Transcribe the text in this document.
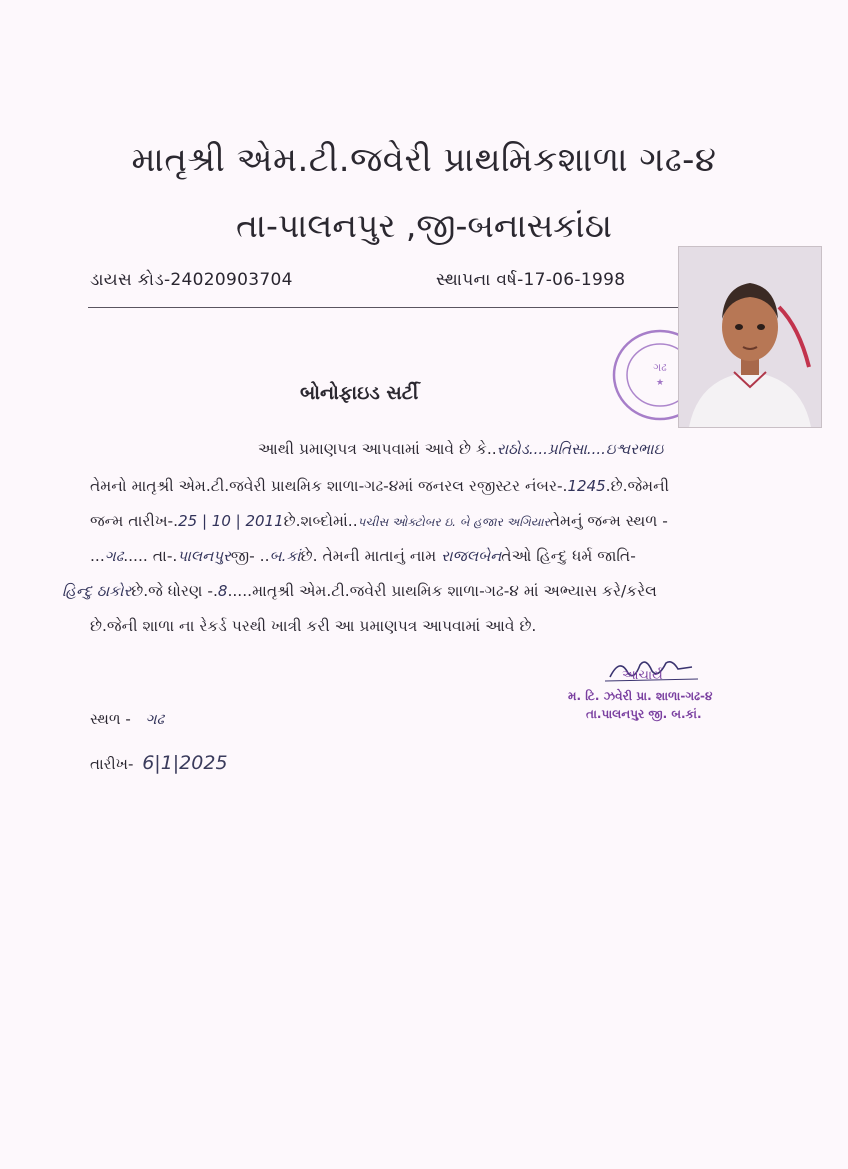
માતૃશ્રી એમ.ટી.જવેરી પ્રાથમિકશાળા ગઢ-૪
તા-પાલનપુર ,જી-બનાસકાંઠા
ડાયસ કોડ-24020903704	સ્થાપના વર્ષ-17-06-1998
ગઢ
★
બોનોફાઇડ સર્ટી
આથી પ્રમાણપત્ર આપવામાં આવે છે કે..રાઠોડ....પ્રતિસા....ઇશ્વરભાઇ
તેમનો માતૃશ્રી એમ.ટી.જવેરી પ્રાથમિક શાળા-ગઢ-૪માં જનરલ રજીસ્ટર નંબર-.1245.છે.જેમની
જન્મ તારીખ-.25 | 10 | 2011છે.શબ્દોમાં..પચીસ ઓક્ટોબર ઇ. બે હજાર અગિયારતેમનું જન્મ સ્થળ -
...ગઢ..... તા-.પાલનપુરજી- ..બ.કાંછે. તેમની માતાનું નામ રાજલબેનતેઓ હિન્દુ ધર્મ જાતિ-
હિન્દુ ઠાકોરછે.જે ધોરણ -.8.....માતૃશ્રી એમ.ટી.જવેરી પ્રાથમિક શાળા-ગઢ-૪ માં અભ્યાસ કરે/કરેલ
છે.જેની શાળા ના રેકર્ડ પરથી ખાત્રી કરી આ પ્રમાણપત્ર આપવામાં આવે છે.
આચાર્ય
મ. ટિ. ઝવેરી પ્રા. શાળા-ગઢ-૪
તા.પાલનપુર જી. બ.કાં.
સ્થળ - ગઢ
તારીખ- 6|1|2025
